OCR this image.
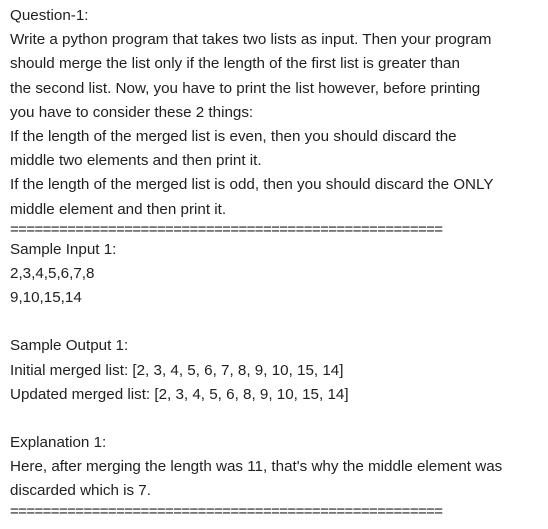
Question-1:
Write a python program that takes two lists as input. Then your program
should merge the list only if the length of the first list is greater than
the second list. Now, you have to print the list however, before printing
you have to consider these 2 things:
If the length of the merged list is even, then you should discard the
middle two elements and then print it.
If the length of the merged list is odd, then you should discard the ONLY
middle element and then print it.
=====================================================
Sample Input 1:
2,3,4,5,6,7,8
9,10,15,14
Sample Output 1:
Initial merged list: [2, 3, 4, 5, 6, 7, 8, 9, 10, 15, 14]
Updated merged list: [2, 3, 4, 5, 6, 8, 9, 10, 15, 14]
Explanation 1:
Here, after merging the length was 11, that's why the middle element was
discarded which is 7.
=====================================================
